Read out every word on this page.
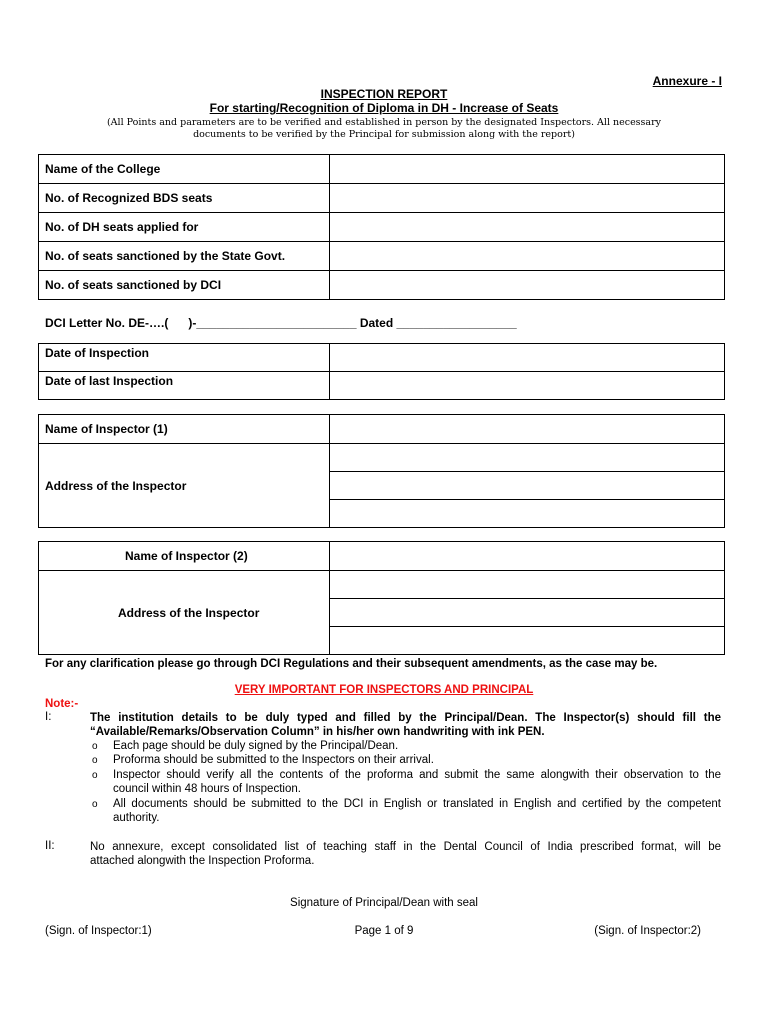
Annexure - I
INSPECTION REPORT
For starting/Recognition of Diploma in DH - Increase of Seats
(All Points and parameters are to be verified and established in person by the designated Inspectors. All necessary
documents to be verified by the Principal for submission along with the report)
Name of the College	
No. of Recognized BDS seats	
No. of DH seats applied for	
No. of seats sanctioned by the State Govt.	
No. of seats sanctioned by DCI	
DCI Letter No. DE-….(      )-________________________ Dated __________________
Date of Inspection	
Date of last Inspection	
Name of Inspector (1)	
Address of the Inspector	

Name of Inspector (2)	
Address of the Inspector	

For any clarification please go through DCI Regulations and their subsequent amendments, as the case may be.
VERY IMPORTANT FOR INSPECTORS AND PRINCIPAL
Note:-
I:	The institution details to be duly typed and filled by the Principal/Dean. The Inspector(s) should fill the
“Available/Remarks/Observation Column” in his/her own handwriting with ink PEN.
o Each page should be duly signed by the Principal/Dean.
o Proforma should be submitted to the Inspectors on their arrival.
o Inspector should verify all the contents of the proforma and submit the same alongwith their observation to the
council within 48 hours of Inspection.
o All documents should be submitted to the DCI in English or translated in English and certified by the competent
authority.
II:	No annexure, except consolidated list of teaching staff in the Dental Council of India prescribed format, will be
attached alongwith the Inspection Proforma.
Signature of Principal/Dean with seal
(Sign. of Inspector:1)	Page 1 of 9	(Sign. of Inspector:2)
